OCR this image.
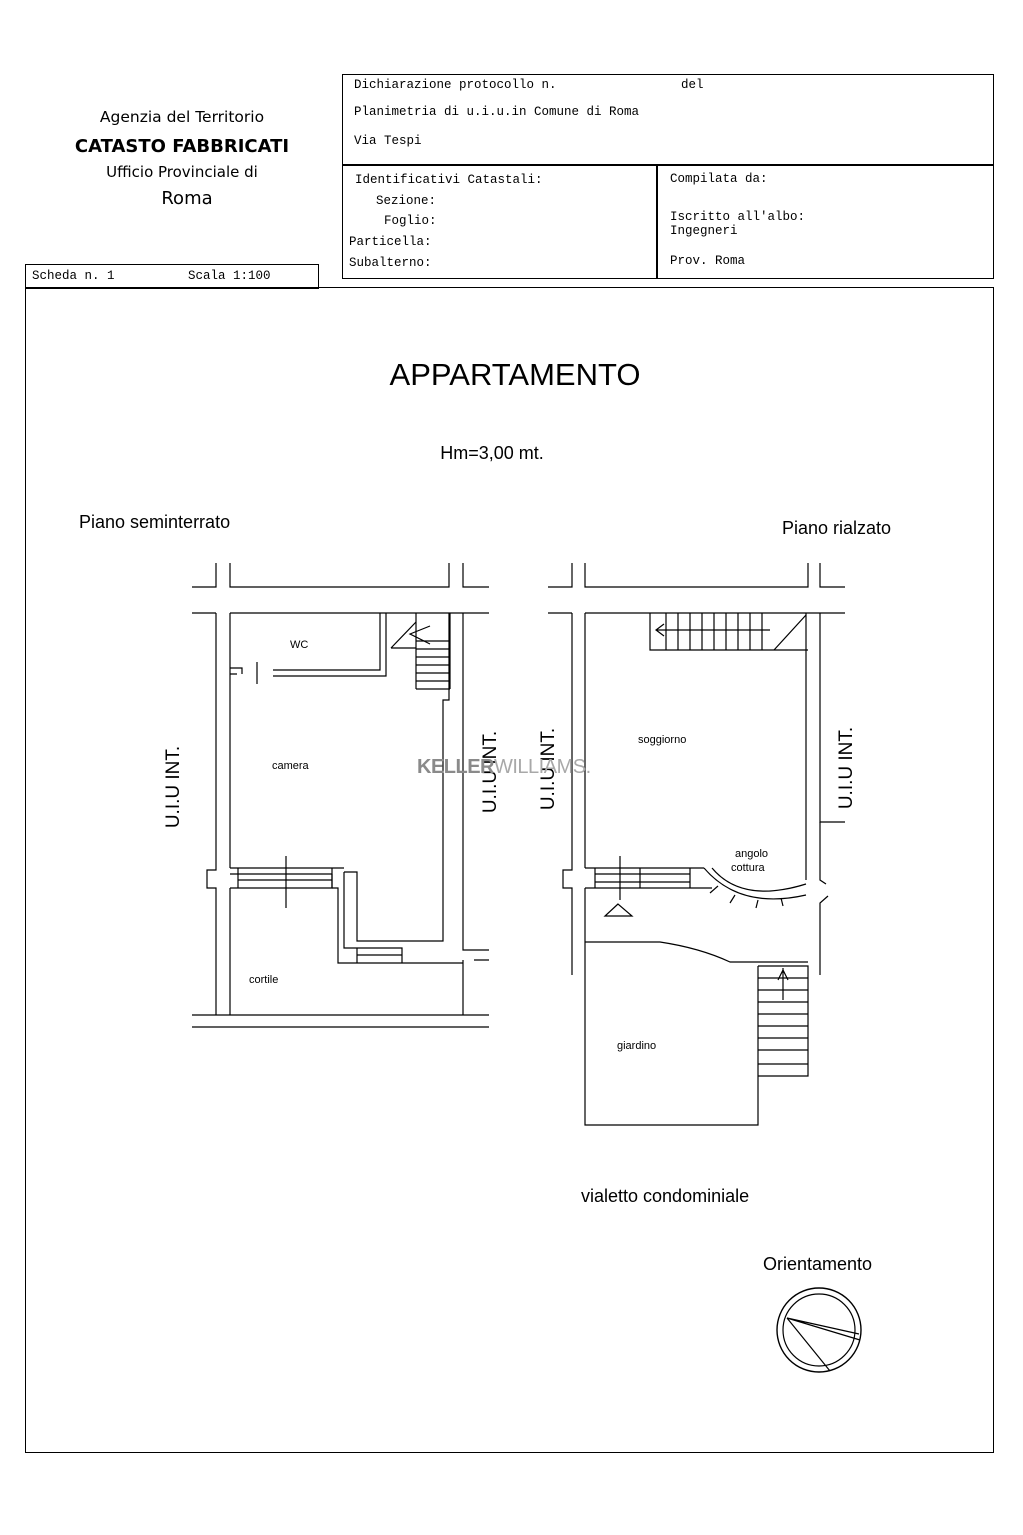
Agenzia del Territorio
CATASTO FABBRICATI
Ufficio Provinciale di
Roma
Scheda n. 1	Scala 1:100
Dichiarazione protocollo n.	del
Planimetria di u.i.u.in Comune di Roma
Via Tespi
Identificativi Catastali:
Sezione:
Foglio:
Particella:
Subalterno:
Compilata da:
Iscritto all'albo:
Ingegneri
Prov. Roma
APPARTAMENTO
Hm=3,00 mt.
Piano seminterrato	Piano rialzato
U.I.U INT.	U.I.U INT. U.I.U INT.	U.I.U INT.
WC
camera
cortile
soggiorno
angolo
cottura
giardino
KELLERWILLIAMS.
vialetto condominiale
Orientamento
